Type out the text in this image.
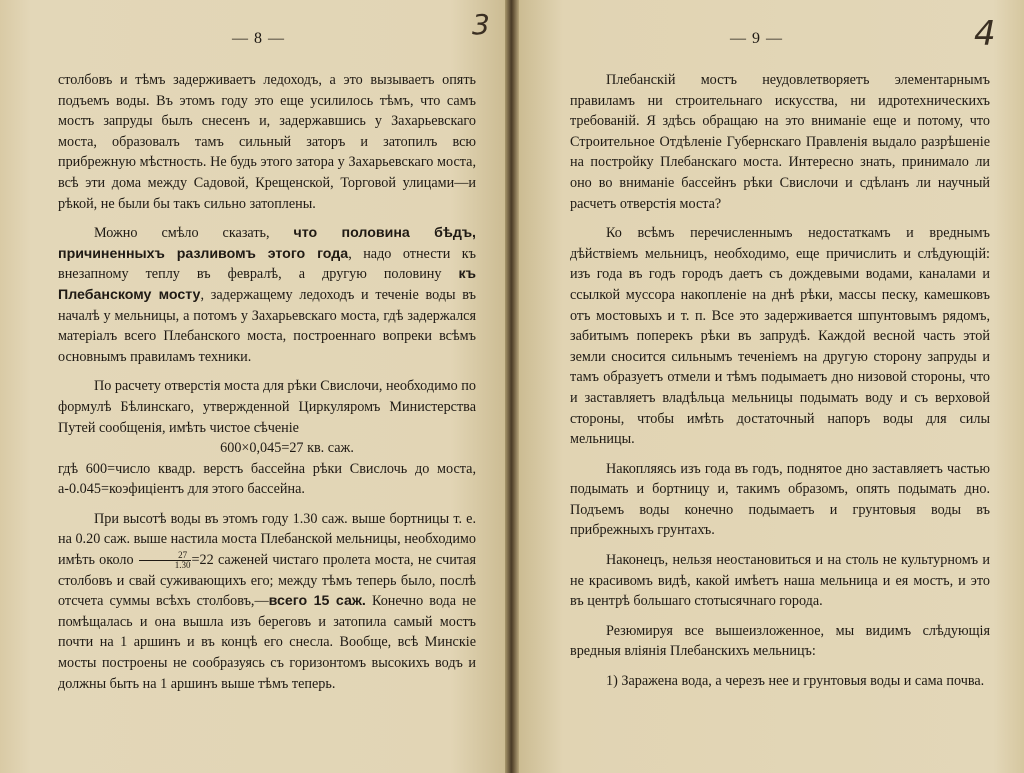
— 8 —	3

столбовъ и тѣмъ задерживаетъ ледоходъ, а это вызываетъ опять подъемъ воды. Въ этомъ году это еще усилилось тѣмъ, что самъ мостъ запруды былъ снесенъ и, задержавшись у Захарьевскаго моста, образовалъ тамъ сильный заторъ и затопилъ всю прибрежную мѣстность. Не будь этого затора у Захарьевскаго моста, всѣ эти дома между Садовой, Крещенской, Торговой улицами—и рѣкой, не были бы такъ сильно затоплены.

Можно смѣло сказать, что половина бѣдъ, причиненныхъ разливомъ этого года, надо отнести къ внезапному теплу въ февралѣ, а другую половину къ Плебанскому мосту, задержащему ледоходъ и теченіе воды въ началѣ у мельницы, а потомъ у Захарьевскаго моста, гдѣ задержался матеріалъ всего Плебанского моста, построеннаго вопреки всѣмъ основнымъ правиламъ техники.

По расчету отверстія моста для рѣки Свислочи, необходимо по формулѣ Бѣлинскаго, утвержденной Циркуляромъ Министерства Путей сообщенія, имѣть чистое сѣченіе

600×0,045=27 кв. саж.

гдѣ 600=число квадр. верстъ бассейна рѣки Свислочь до моста, а-0.045=коэфиціентъ для этого бассейна.

При высотѣ воды въ этомъ году 1.30 саж. выше бортницы т. е. на 0.20 саж. выше настила моста Плебанской мельницы, необходимо имѣть около $\frac{27}{1.30} =22$ саженей чистаго пролета моста, не считая столбовъ и свай суживающихъ его; между тѣмъ теперь было, послѣ отсчета суммы всѣхъ столбовъ,—всего 15 саж. Конечно вода не помѣщалась и она вышла изъ береговъ и затопила самый мостъ почти на 1 аршинъ и въ концѣ его снесла. Вообще, всѣ Минскіе мосты построены не сообразуясь съ горизонтомъ высокихъ водъ и должны быть на 1 аршинъ выше тѣмъ теперь.

— 9 —	4

Плебанскій мостъ неудовлетворяетъ элементарнымъ правиламъ ни строительнаго искусства, ни идротехническихъ требованій. Я здѣсь обращаю на это вниманіе еще и потому, что Строительное Отдѣленіе Губернскаго Правленія выдало разрѣшеніе на постройку Плебанскаго моста. Интересно знать, принимало ли оно во вниманіе бассейнъ рѣки Свислочи и сдѣланъ ли научный расчетъ отверстія моста?

Ко всѣмъ перечисленнымъ недостаткамъ и вреднымъ дѣйствіемъ мельницъ, необходимо, еще причислить и слѣдующій: изъ года въ годъ городъ даетъ съ дождевыми водами, каналами и ссылкой муссора накопленіе на днѣ рѣки, массы песку, камешковъ отъ мостовыхъ и т. п. Все это задерживается шпунтовымъ рядомъ, забитымъ поперекъ рѣки въ запрудѣ. Каждой весной часть этой земли сносится сильнымъ теченіемъ на другую сторону запруды и тамъ образуетъ отмели и тѣмъ подымаетъ дно низовой стороны, что и заставляетъ владѣльца мельницы подымать воду и съ верховой стороны, чтобы имѣть достаточный напоръ воды для силы мельницы.

Накопляясь изъ года въ годъ, поднятое дно заставляетъ частью подымать и бортницу и, такимъ образомъ, опять подымать дно. Подъемъ воды конечно подымаетъ и грунтовыя воды въ прибрежныхъ грунтахъ.

Наконецъ, нельзя неостановиться и на столь не культурномъ и не красивомъ видѣ, какой имѣетъ наша мельница и ея мостъ, и это въ центрѣ большаго стотысячнаго города.

Резюмируя все вышеизложенное, мы видимъ слѣдующія вредныя вліянія Плебанскихъ мельницъ:

1) Заражена вода, а черезъ нее и грунтовыя воды и сама почва.
